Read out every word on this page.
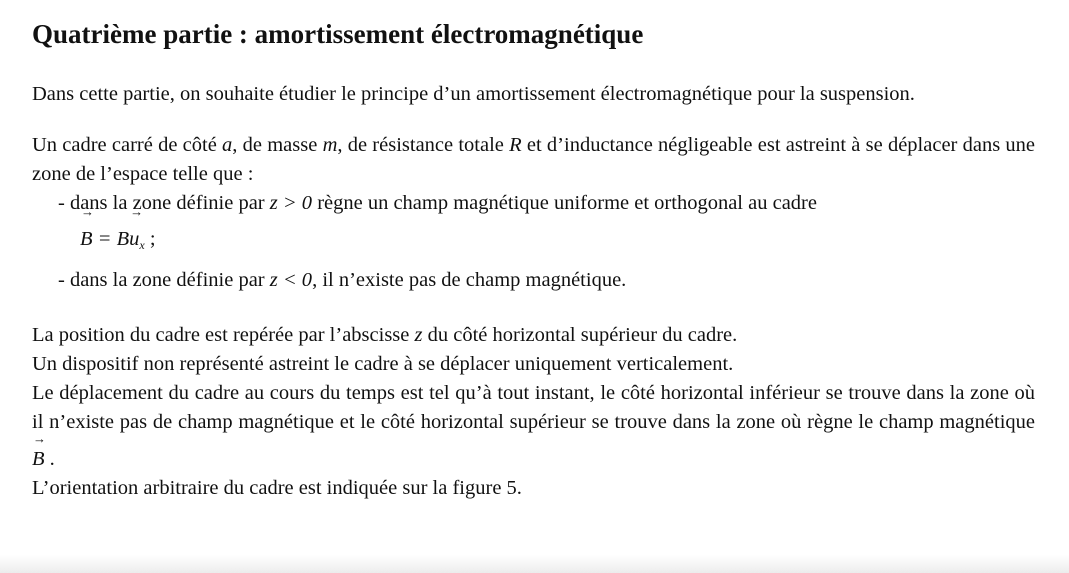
Quatrième partie : amortissement électromagnétique

Dans cette partie, on souhaite étudier le principe d’un amortissement électromagnétique pour la suspension.

Un cadre carré de côté a, de masse m, de résistance totale R et d’inductance négligeable est astreint à se déplacer dans une zone de l’espace telle que :

- dans la zone définie par z > 0 règne un champ magnétique uniforme et orthogonal au cadre
→ $B = B\to u_x$ ;

- dans la zone définie par z < 0, il n’existe pas de champ magnétique.

La position du cadre est repérée par l’abscisse z du côté horizontal supérieur du cadre.

Un dispositif non représenté astreint le cadre à se déplacer uniquement verticalement.

Le déplacement du cadre au cours du temps est tel qu’à tout instant, le côté horizontal inférieur se trouve dans la zone où il n’existe pas de champ magnétique et le côté horizontal supérieur se trouve dans la zone où règne le champ magnétique → B .

L’orientation arbitraire du cadre est indiquée sur la figure 5.
